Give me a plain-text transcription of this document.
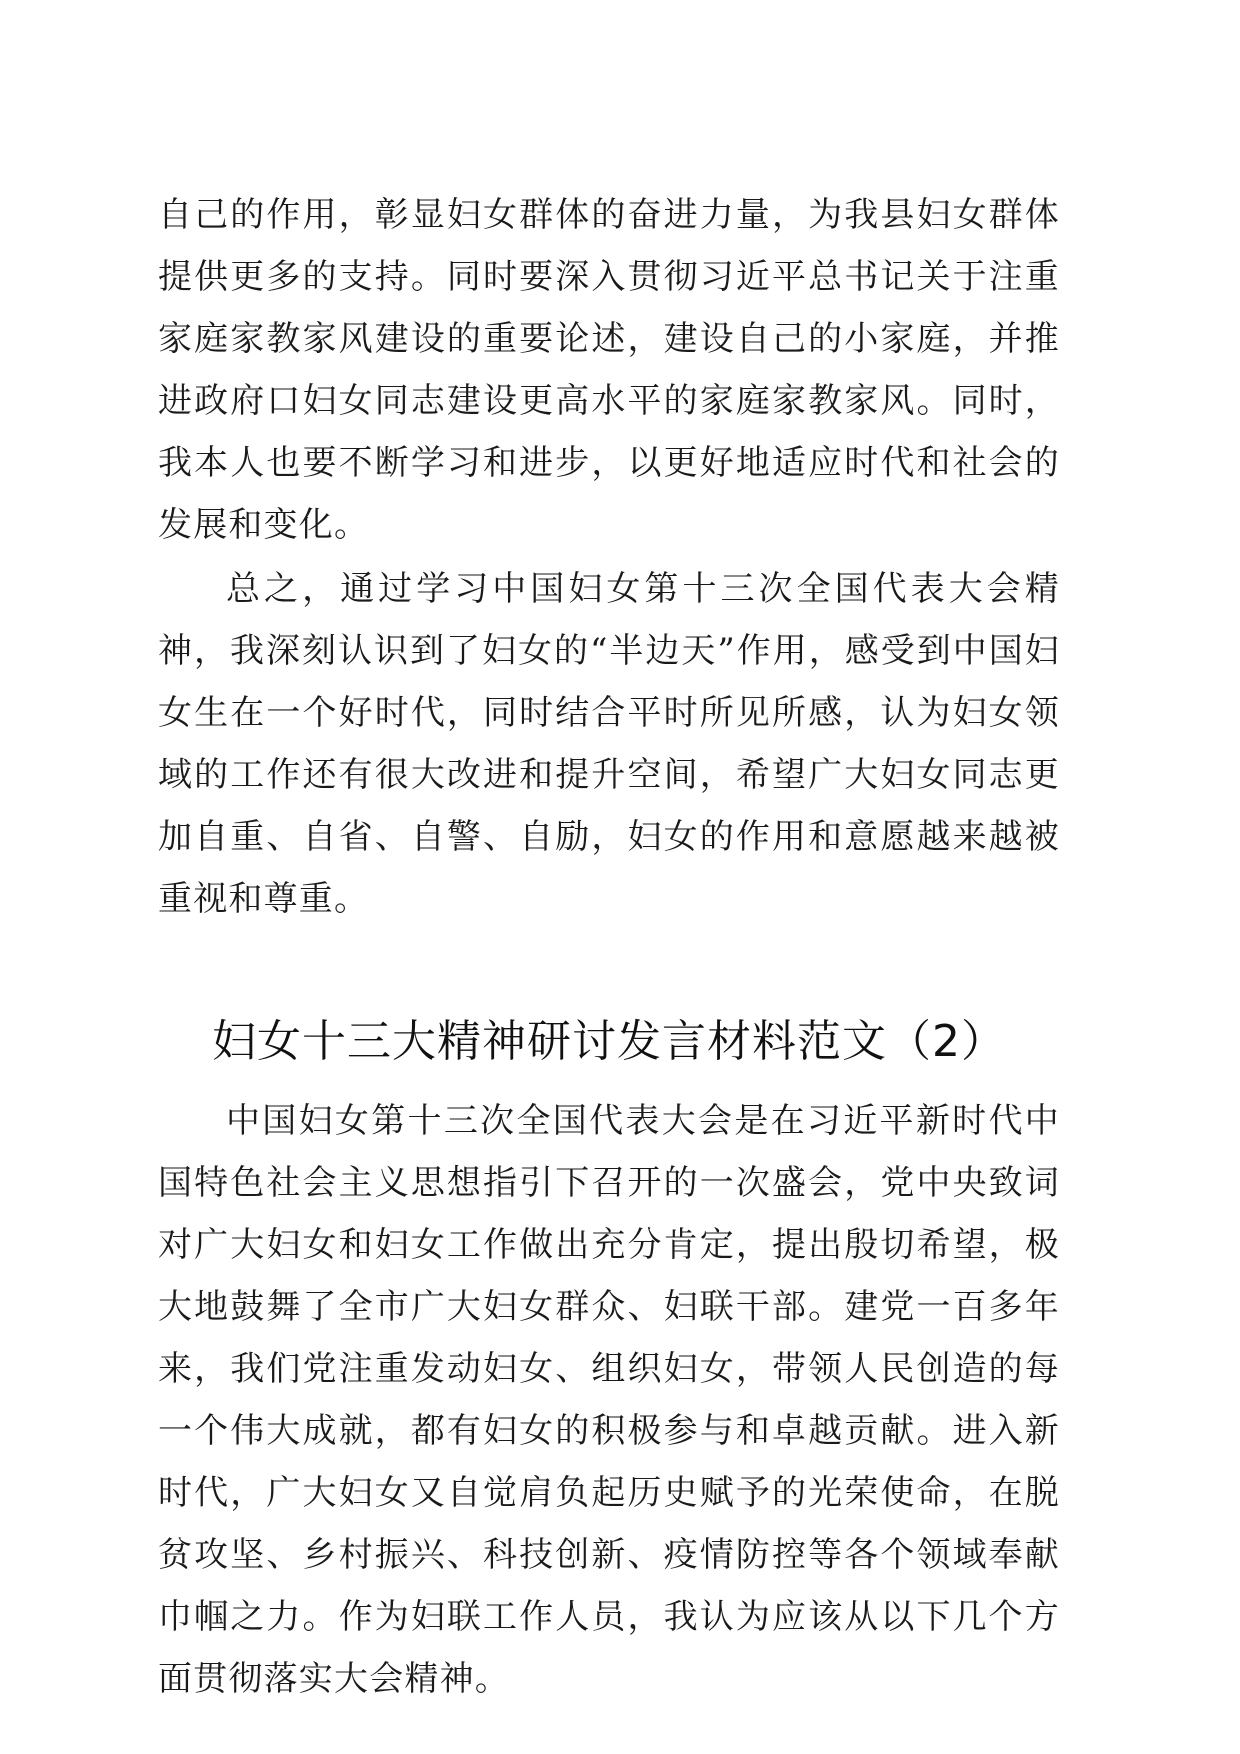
自己的作用，彰显妇女群体的奋进力量，为我县妇女群体提供更多的支持。同时要深入贯彻习近平总书记关于注重家庭家教家风建设的重要论述，建设自己的小家庭，并推进政府口妇女同志建设更高水平的家庭家教家风。同时，我本人也要不断学习和进步，以更好地适应时代和社会的发展和变化。

总之，通过学习中国妇女第十三次全国代表大会精神，我深刻认识到了妇女的“半边天”作用，感受到中国妇女生在一个好时代，同时结合平时所见所感，认为妇女领域的工作还有很大改进和提升空间，希望广大妇女同志更加自重、自省、自警、自励，妇女的作用和意愿越来越被重视和尊重。

妇女十三大精神研讨发言材料范文（2）

中国妇女第十三次全国代表大会是在习近平新时代中国特色社会主义思想指引下召开的一次盛会，党中央致词对广大妇女和妇女工作做出充分肯定，提出殷切希望，极大地鼓舞了全市广大妇女群众、妇联干部。建党一百多年来，我们党注重发动妇女、组织妇女，带领人民创造的每一个伟大成就，都有妇女的积极参与和卓越贡献。进入新时代，广大妇女又自觉肩负起历史赋予的光荣使命，在脱贫攻坚、乡村振兴、科技创新、疫情防控等各个领域奉献巾帼之力。作为妇联工作人员，我认为应该从以下几个方面贯彻落实大会精神。
